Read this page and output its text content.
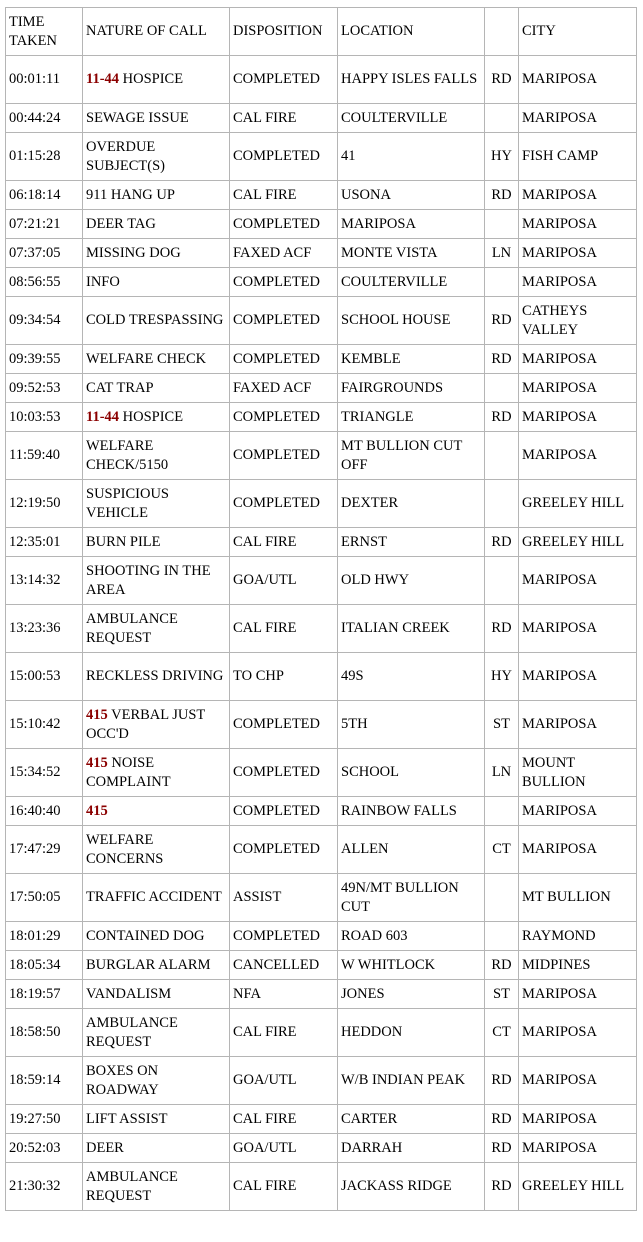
TIME TAKEN	NATURE OF CALL	DISPOSITION	LOCATION		CITY
00:01:11	11-44 HOSPICE	COMPLETED	HAPPY ISLES FALLS	RD	MARIPOSA
00:44:24	SEWAGE ISSUE	CAL FIRE	COULTERVILLE		MARIPOSA
01:15:28	OVERDUE SUBJECT(S)	COMPLETED	41	HY	FISH CAMP
06:18:14	911 HANG UP	CAL FIRE	USONA	RD	MARIPOSA
07:21:21	DEER TAG	COMPLETED	MARIPOSA		MARIPOSA
07:37:05	MISSING DOG	FAXED ACF	MONTE VISTA	LN	MARIPOSA
08:56:55	INFO	COMPLETED	COULTERVILLE		MARIPOSA
09:34:54	COLD TRESPASSING	COMPLETED	SCHOOL HOUSE	RD	CATHEYS VALLEY
09:39:55	WELFARE CHECK	COMPLETED	KEMBLE	RD	MARIPOSA
09:52:53	CAT TRAP	FAXED ACF	FAIRGROUNDS		MARIPOSA
10:03:53	11-44 HOSPICE	COMPLETED	TRIANGLE	RD	MARIPOSA
11:59:40	WELFARE CHECK/5150	COMPLETED	MT BULLION CUT OFF		MARIPOSA
12:19:50	SUSPICIOUS VEHICLE	COMPLETED	DEXTER		GREELEY HILL
12:35:01	BURN PILE	CAL FIRE	ERNST	RD	GREELEY HILL
13:14:32	SHOOTING IN THE AREA	GOA/UTL	OLD HWY		MARIPOSA
13:23:36	AMBULANCE REQUEST	CAL FIRE	ITALIAN CREEK	RD	MARIPOSA
15:00:53	RECKLESS DRIVING	TO CHP	49S	HY	MARIPOSA
15:10:42	415 VERBAL JUST OCC'D	COMPLETED	5TH	ST	MARIPOSA
15:34:52	415 NOISE COMPLAINT	COMPLETED	SCHOOL	LN	MOUNT BULLION
16:40:40	415	COMPLETED	RAINBOW FALLS		MARIPOSA
17:47:29	WELFARE CONCERNS	COMPLETED	ALLEN	CT	MARIPOSA
17:50:05	TRAFFIC ACCIDENT	ASSIST	49N/MT BULLION CUT		MT BULLION
18:01:29	CONTAINED DOG	COMPLETED	ROAD 603		RAYMOND
18:05:34	BURGLAR ALARM	CANCELLED	W WHITLOCK	RD	MIDPINES
18:19:57	VANDALISM	NFA	JONES	ST	MARIPOSA
18:58:50	AMBULANCE REQUEST	CAL FIRE	HEDDON	CT	MARIPOSA
18:59:14	BOXES ON ROADWAY	GOA/UTL	W/B INDIAN PEAK	RD	MARIPOSA
19:27:50	LIFT ASSIST	CAL FIRE	CARTER	RD	MARIPOSA
20:52:03	DEER	GOA/UTL	DARRAH	RD	MARIPOSA
21:30:32	AMBULANCE REQUEST	CAL FIRE	JACKASS RIDGE	RD	GREELEY HILL
